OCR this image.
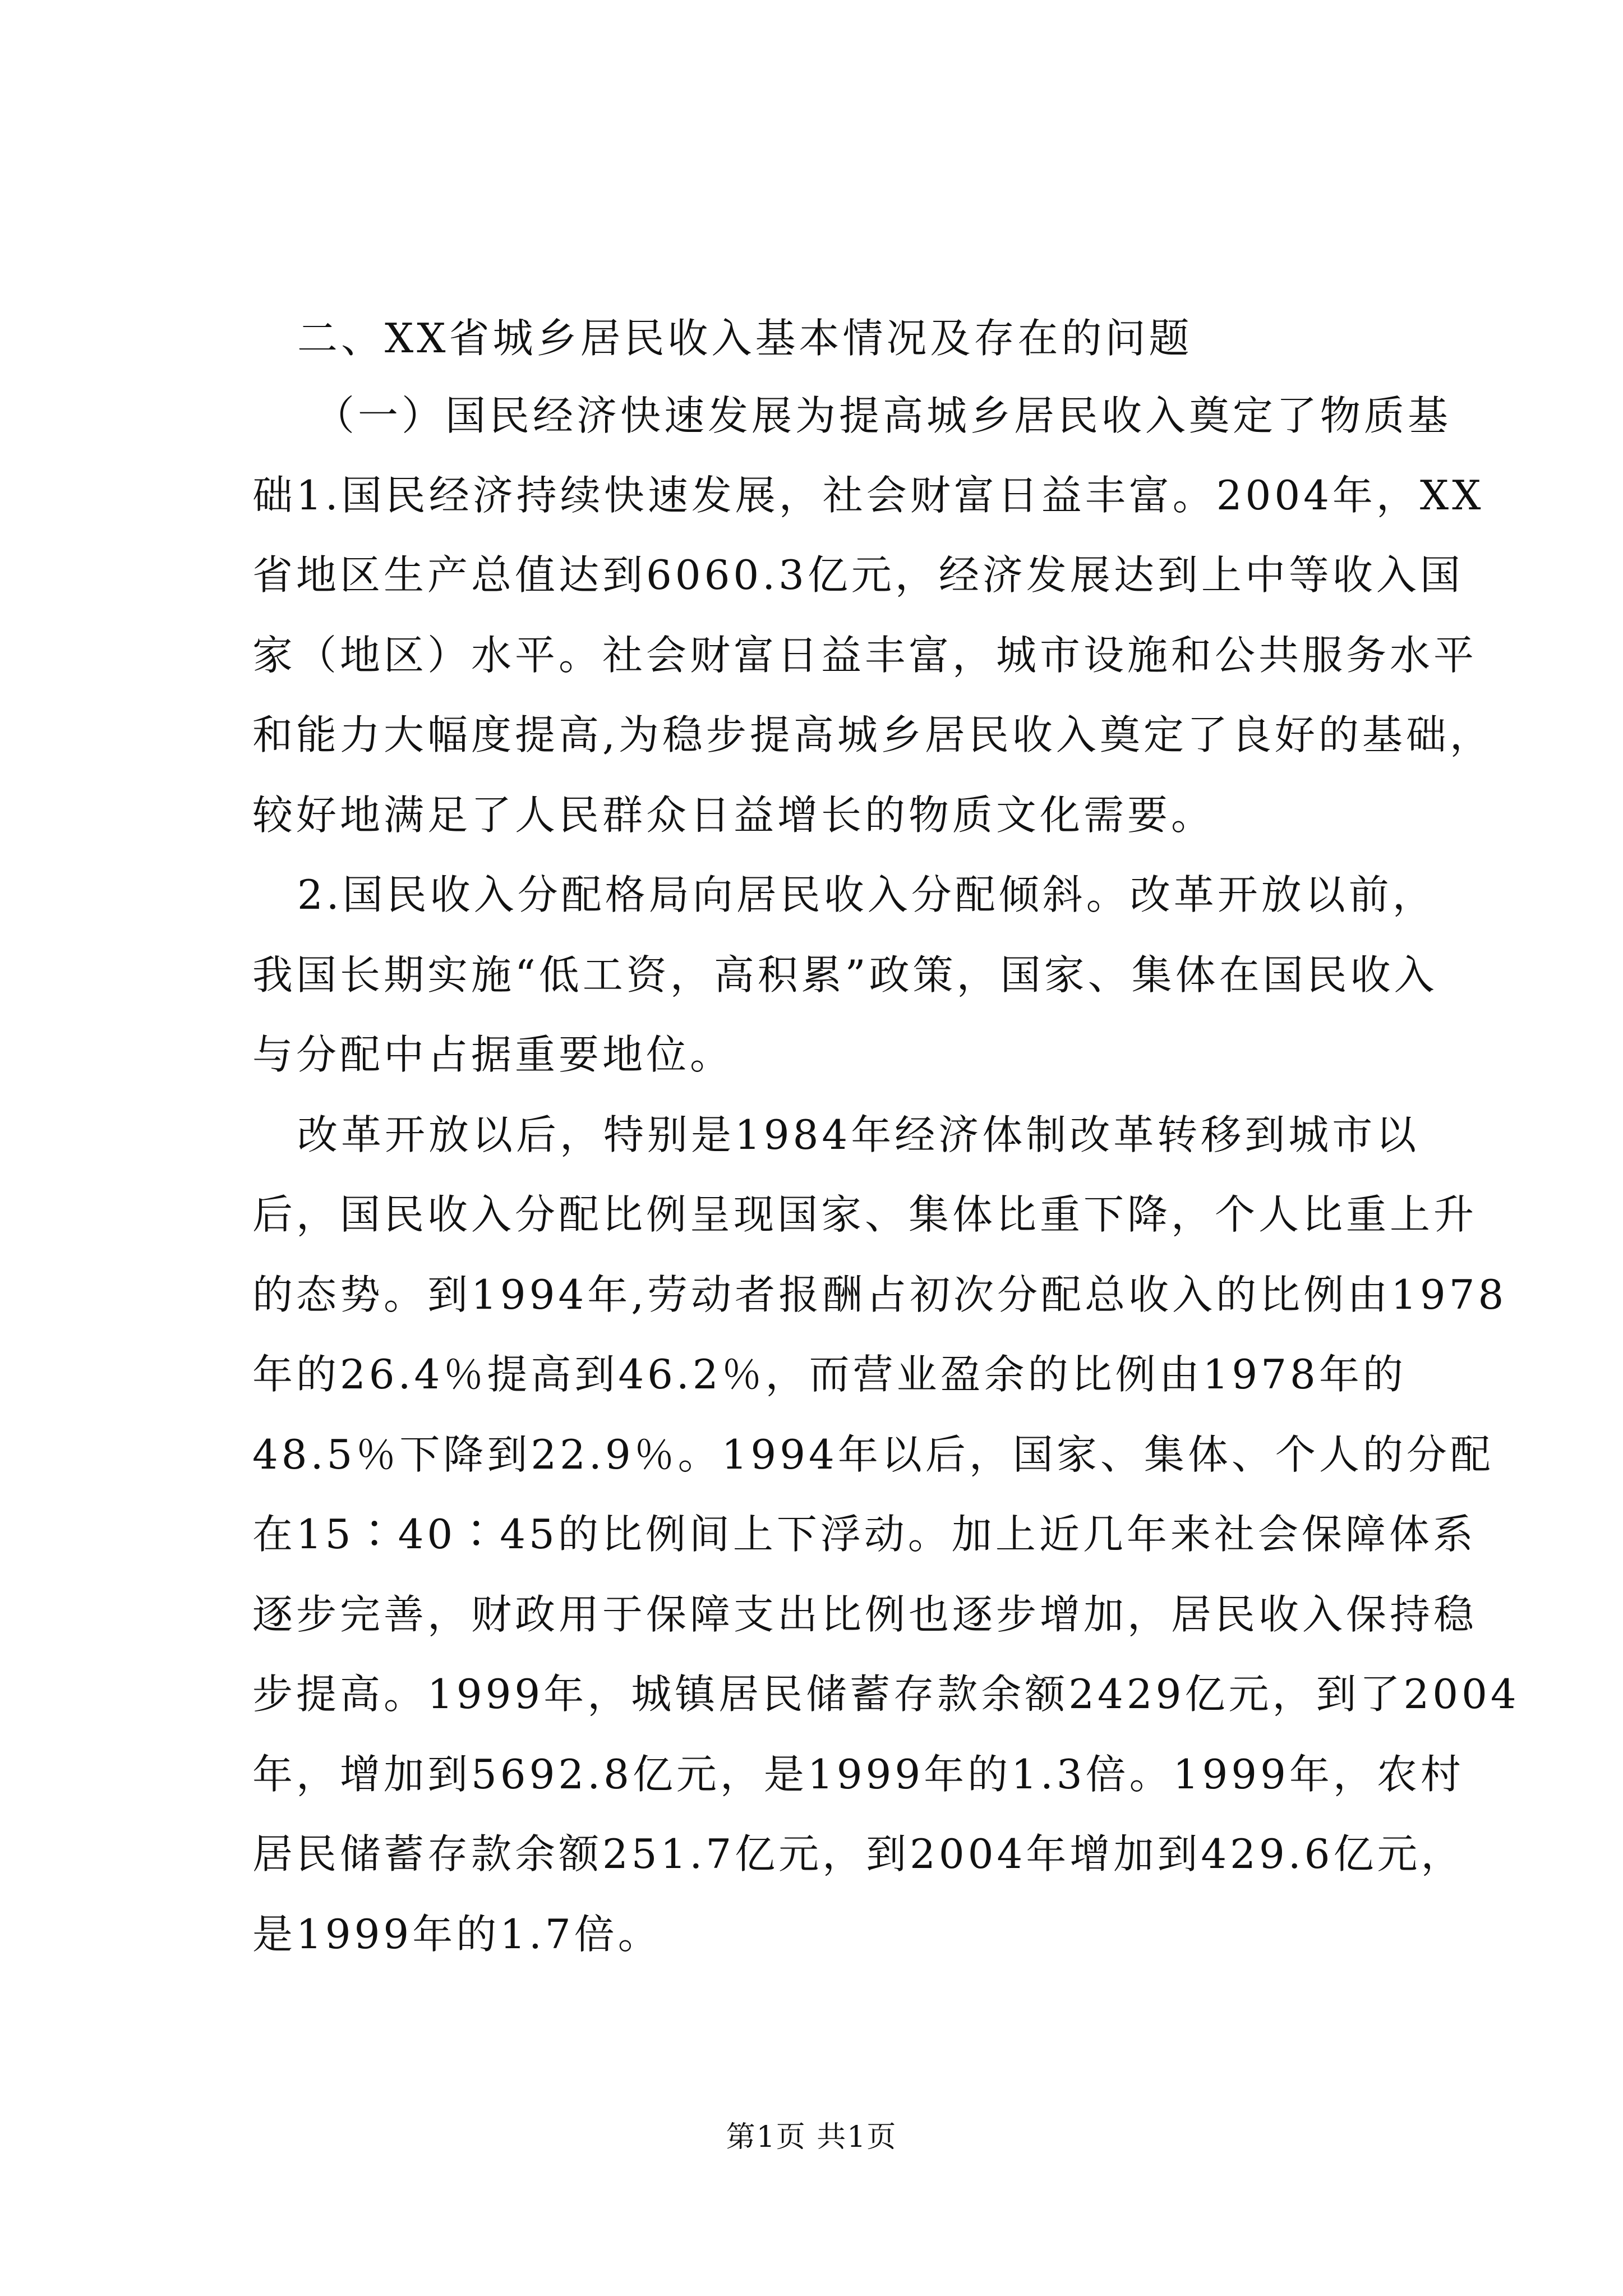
二、XX省城乡居民收入基本情况及存在的问题
（一）国民经济快速发展为提高城乡居民收入奠定了物质基
础1.国民经济持续快速发展，社会财富日益丰富。2004年，XX
省地区生产总值达到6060.3亿元，经济发展达到上中等收入国
家（地区）水平。社会财富日益丰富，城市设施和公共服务水平
和能力大幅度提高,为稳步提高城乡居民收入奠定了良好的基础，
较好地满足了人民群众日益增长的物质文化需要。
2.国民收入分配格局向居民收入分配倾斜。改革开放以前，
我国长期实施“低工资，高积累”政策，国家、集体在国民收入
与分配中占据重要地位。
改革开放以后，特别是1984年经济体制改革转移到城市以
后，国民收入分配比例呈现国家、集体比重下降，个人比重上升
的态势。到1994年,劳动者报酬占初次分配总收入的比例由1978
年的26.4％提高到46.2％，而营业盈余的比例由1978年的
48.5％下降到22.9％。1994年以后，国家、集体、个人的分配
在15∶40∶45的比例间上下浮动。加上近几年来社会保障体系
逐步完善，财政用于保障支出比例也逐步增加，居民收入保持稳
步提高。1999年，城镇居民储蓄存款余额2429亿元，到了2004
年，增加到5692.8亿元，是1999年的1.3倍。1999年，农村
居民储蓄存款余额251.7亿元，到2004年增加到429.6亿元，
是1999年的1.7倍。
第1页 共1页
